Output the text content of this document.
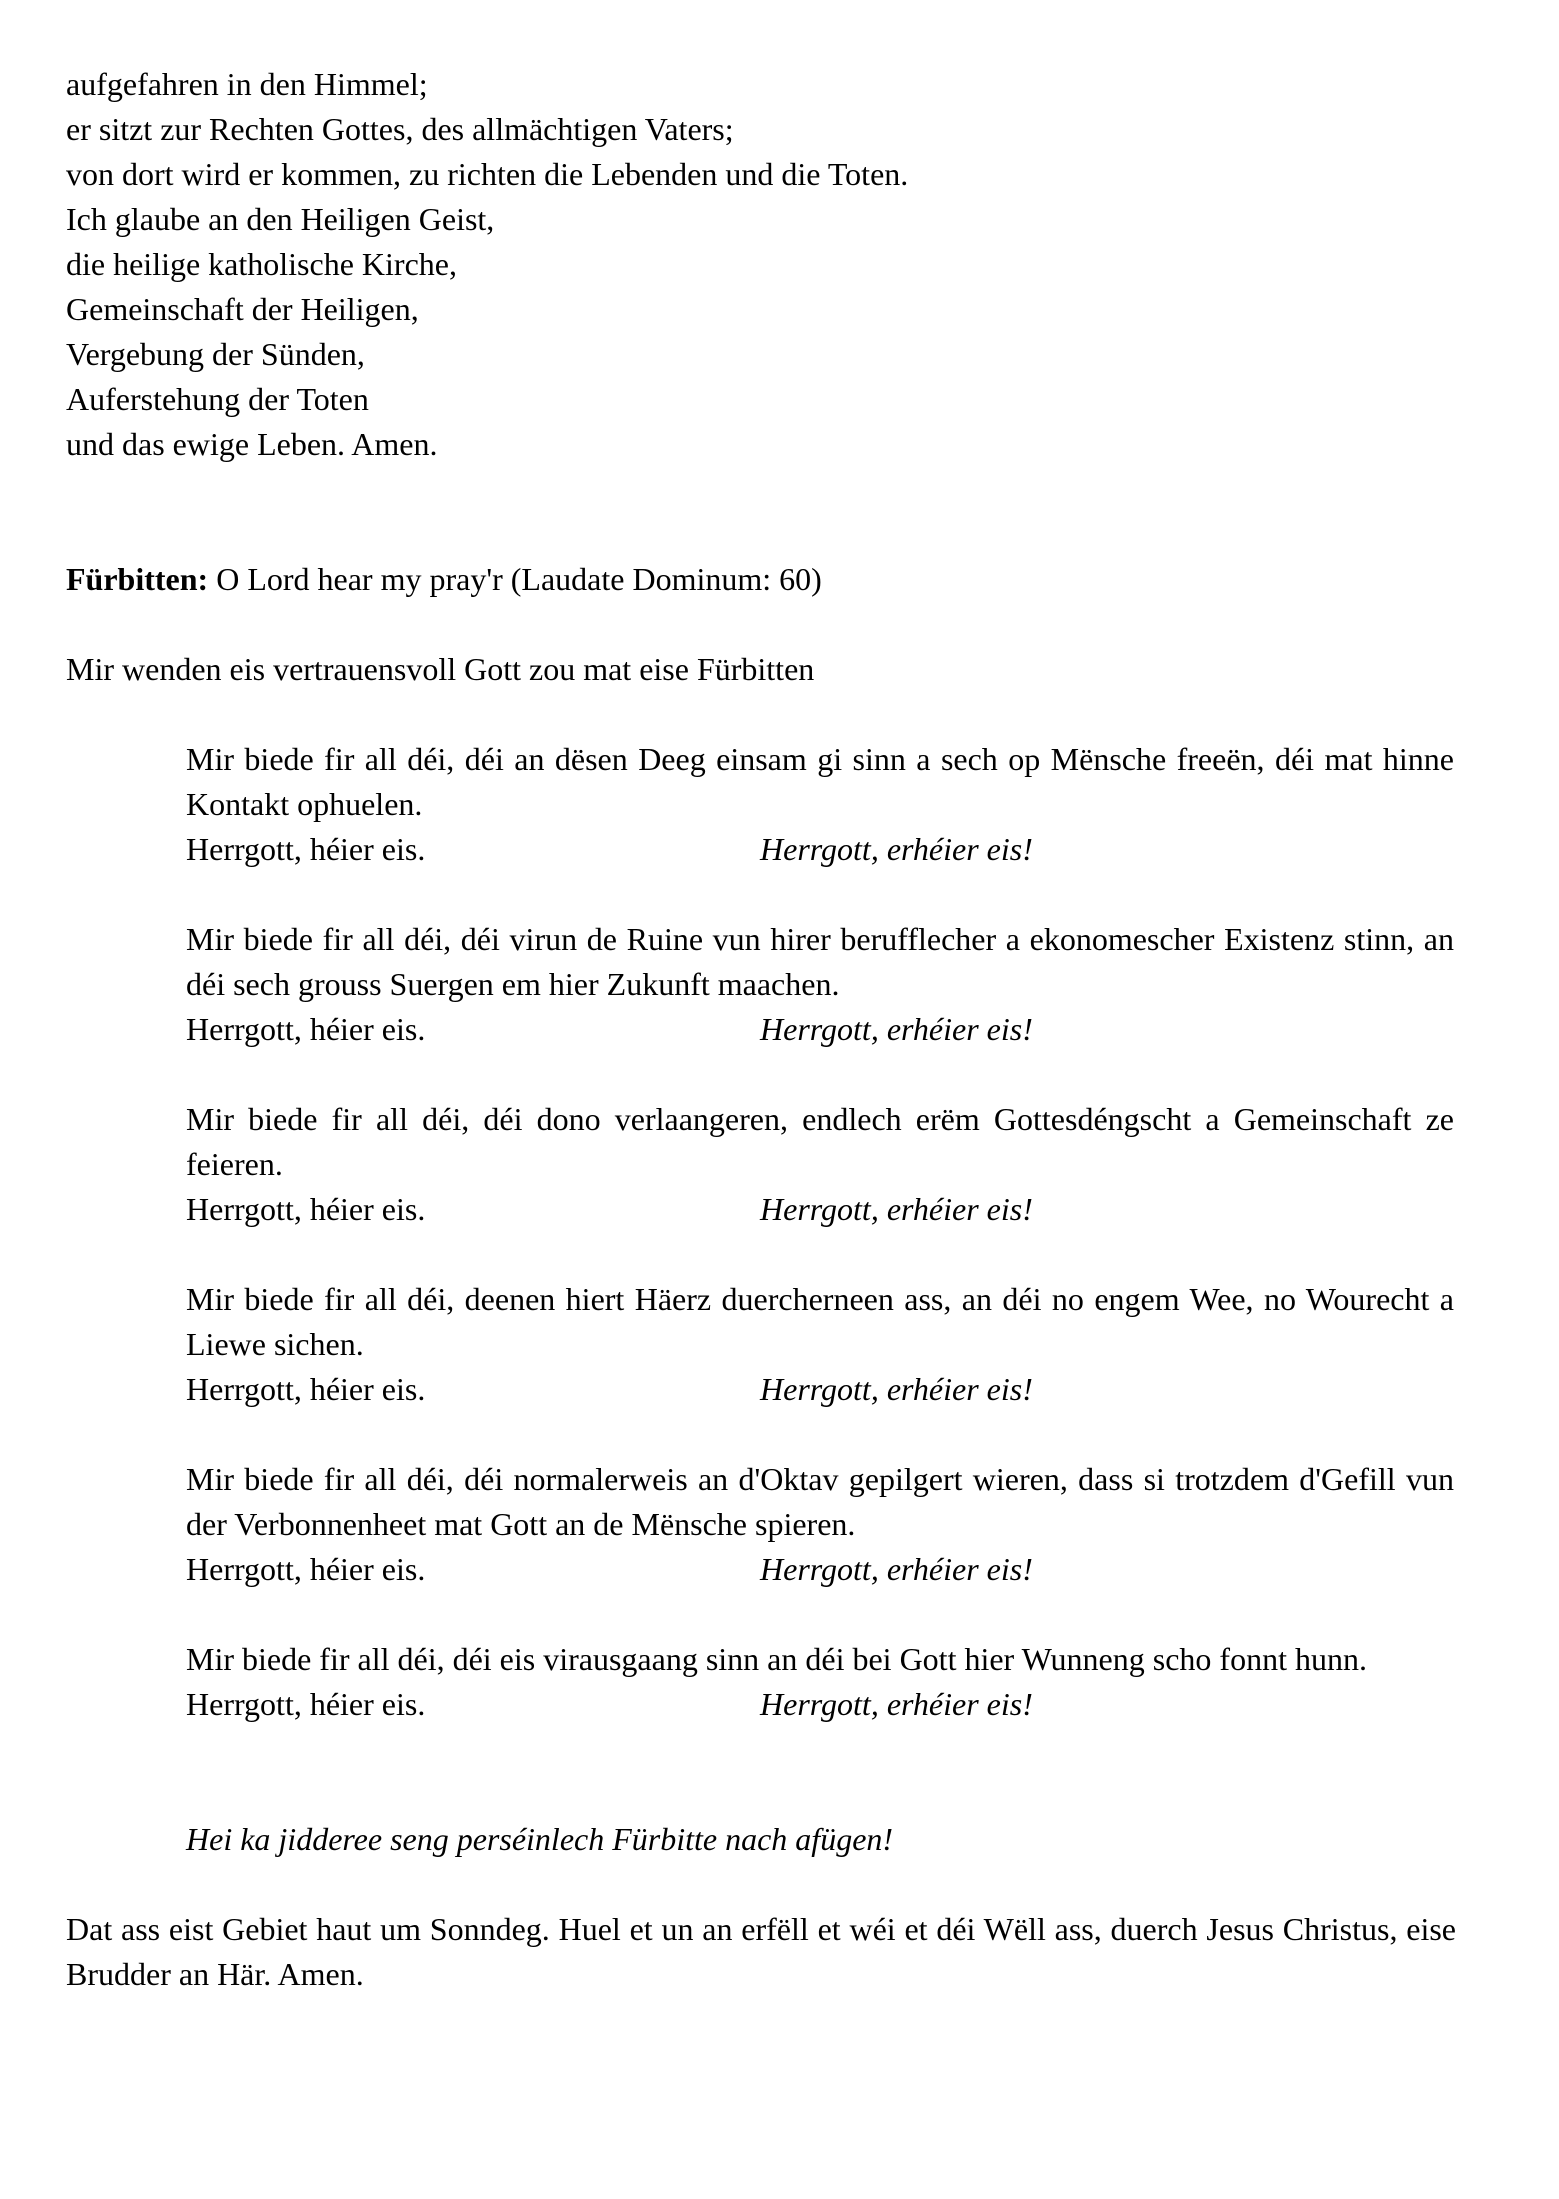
aufgefahren in den Himmel;
er sitzt zur Rechten Gottes, des allmächtigen Vaters;
von dort wird er kommen, zu richten die Lebenden und die Toten.
Ich glaube an den Heiligen Geist,
die heilige katholische Kirche,
Gemeinschaft der Heiligen,
Vergebung der Sünden,
Auferstehung der Toten
und das ewige Leben. Amen.
Fürbitten: O Lord hear my pray'r (Laudate Dominum: 60)
Mir wenden eis vertrauensvoll Gott zou mat eise Fürbitten
Mir biede fir all déi, déi an dësen Deeg einsam gi sinn a sech op Mënsche freeën, déi mat hinne Kontakt ophuelen.
Herrgott, héier eis.	Herrgott, erhéier eis!
Mir biede fir all déi, déi virun de Ruine vun hirer berufflecher a ekonomescher Existenz stinn, an déi sech grouss Suergen em hier Zukunft maachen.
Herrgott, héier eis.	Herrgott, erhéier eis!
Mir biede fir all déi, déi dono verlaangeren, endlech erëm Gottesdéngscht a Gemeinschaft ze feieren.
Herrgott, héier eis.	Herrgott, erhéier eis!
Mir biede fir all déi, deenen hiert Häerz duercherneen ass, an déi no engem Wee, no Wourecht a Liewe sichen.
Herrgott, héier eis.	Herrgott, erhéier eis!
Mir biede fir all déi, déi normalerweis an d'Oktav gepilgert wieren, dass si trotzdem d'Gefill vun der Verbonnenheet mat Gott an de Mënsche spieren.
Herrgott, héier eis.	Herrgott, erhéier eis!
Mir biede fir all déi, déi eis virausgaang sinn an déi bei Gott hier Wunneng scho fonnt hunn.
Herrgott, héier eis.	Herrgott, erhéier eis!
Hei ka jidderee seng perséinlech Fürbitte nach afügen!
Dat ass eist Gebiet haut um Sonndeg. Huel et un an erfëll et wéi et déi Wëll ass, duerch Jesus Christus, eise Brudder an Här. Amen.
